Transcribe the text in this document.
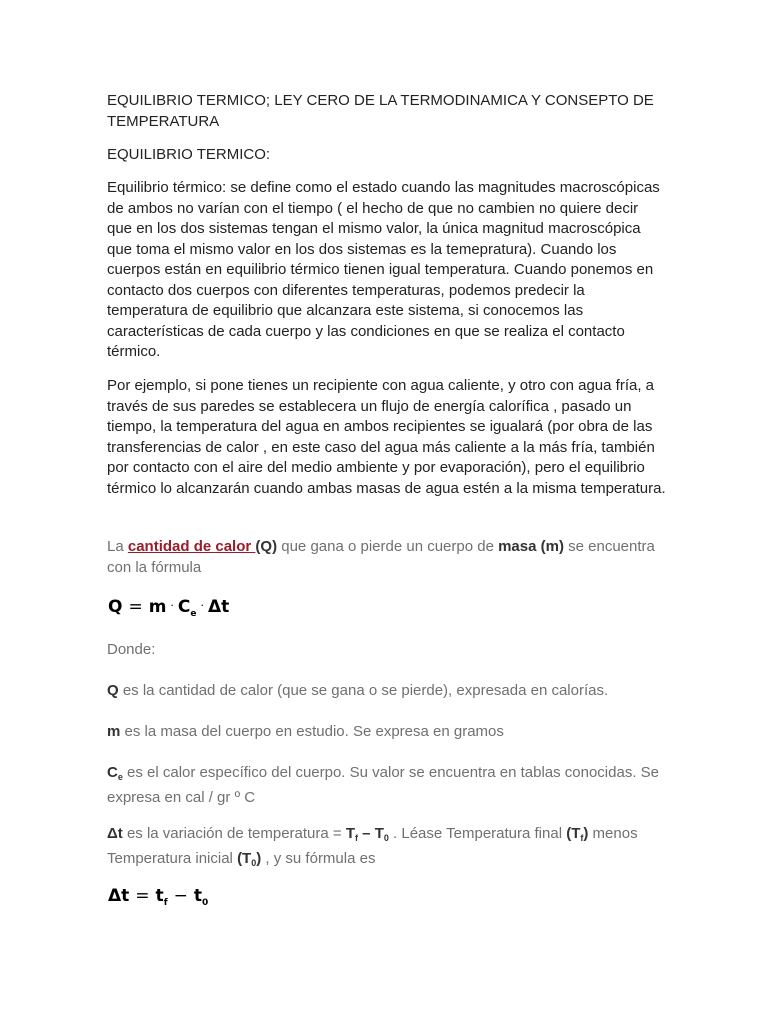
EQUILIBRIO TERMICO; LEY CERO DE LA TERMODINAMICA Y CONSEPTO DE TEMPERATURA

EQUILIBRIO TERMICO:

Equilibrio térmico: se define como el estado cuando las magnitudes macroscópicas de ambos no varían con el tiempo ( el hecho de que no cambien no quiere decir que en los dos sistemas tengan el mismo valor, la única magnitud macroscópica que toma el mismo valor en los dos sistemas es la temepratura). Cuando los cuerpos están en equilibrio térmico tienen igual temperatura. Cuando ponemos en contacto dos cuerpos con diferentes temperaturas, podemos predecir la temperatura de equilibrio que alcanzara este sistema, si conocemos las características de cada cuerpo y las condiciones en que se realiza el contacto térmico.

Por ejemplo, si pone tienes un recipiente con agua caliente, y otro con agua fría, a través de sus paredes se establecera un flujo de energía calorífica , pasado un tiempo, la temperatura del agua en ambos recipientes se igualará (por obra de las transferencias de calor , en este caso del agua más caliente a la más fría, también por contacto con el aire del medio ambiente y por evaporación), pero el equilibrio térmico lo alcanzarán cuando ambas masas de agua estén a la misma temperatura.

La cantidad de calor (Q) que gana o pierde un cuerpo de masa (m) se encuentra con la fórmula

$Q = m \cdot C_e\cdot \Delta t$

Donde:

Q es la cantidad de calor (que se gana o se pierde), expresada en calorías.

m es la masa del cuerpo en estudio. Se expresa en gramos

$C_e$ es el calor específico del cuerpo. Su valor se encuentra en tablas conocidas. Se expresa en cal / gr º C

Δt es la variación de temperatura = $T_f - T_0$ . Léase Temperatura final $(T_f)$ menos Temperatura inicial $(T_0)$ , y su fórmula es

$\Delta t = t_f - t_0$
